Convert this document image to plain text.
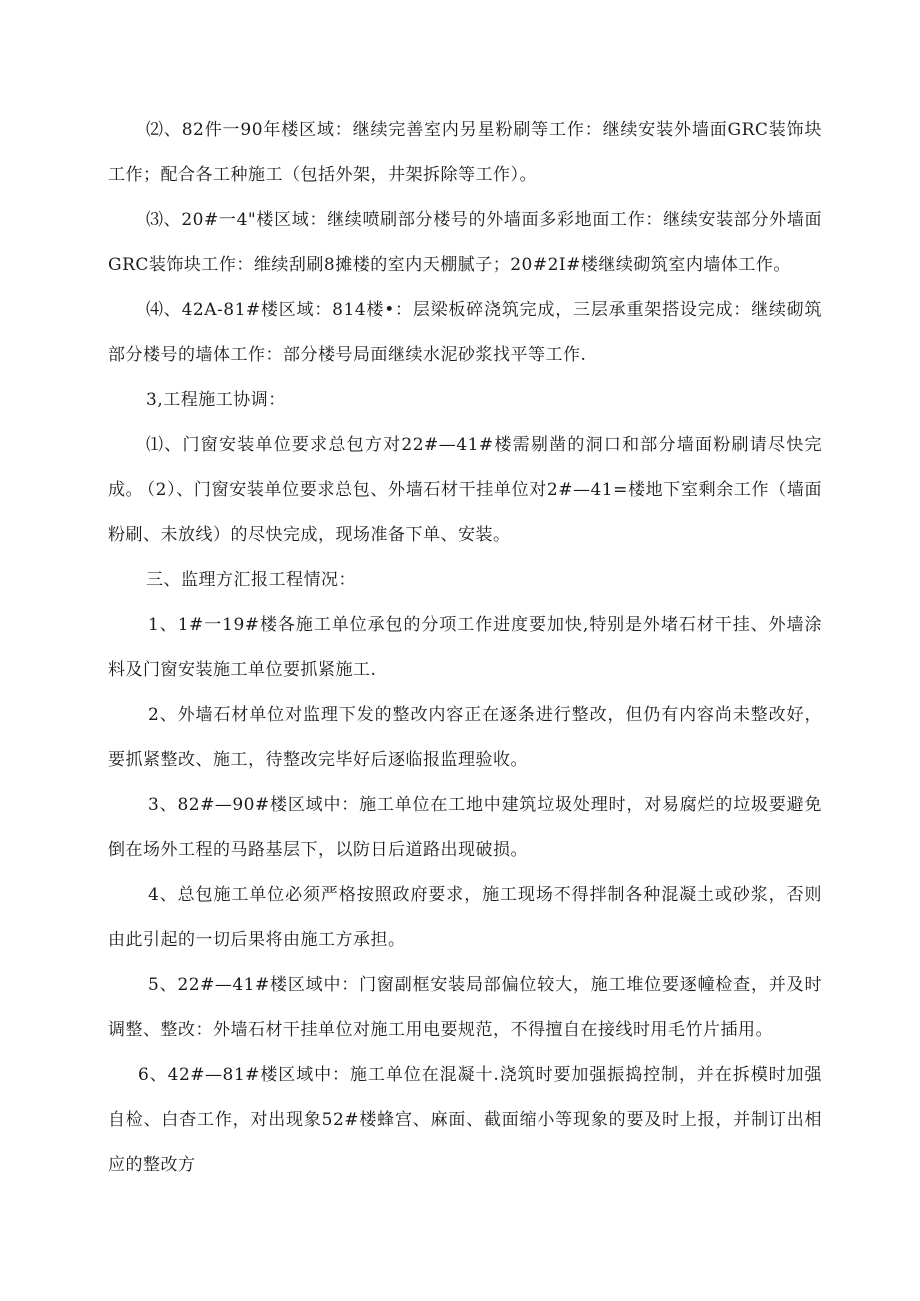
⑵、82件一90年楼区域：继续完善室内另星粉刷等工作：继续安装外墙面GRC装饰块工作；配合各工种施工（包括外架，井架拆除等工作）。

⑶、20#一4"楼区域：继续喷刷部分楼号的外墙面多彩地面工作：继续安装部分外墙面GRC装饰块工作：维续刮刷8摊楼的室内天棚腻子；20#2I#楼继续砌筑室内墙体工作。

⑷、42A-81#楼区域：814楼•：层梁板碎浇筑完成，三层承重架搭设完成：继续砌筑部分楼号的墙体工作：部分楼号局面继续水泥砂浆找平等工作.

3,工程施工协调：

⑴、门窗安装单位要求总包方对22#—41#楼需剔凿的洞口和部分墙面粉刷请尽快完成。

（2）、门窗安装单位要求总包、外墙石材干挂单位对2#—41=楼地下室剩余工作（墙面粉刷、未放线）的尽快完成，现场准备下单、安装。

三、监理方汇报工程情况：

1、1#一19#楼各施工单位承包的分项工作进度要加快,特别是外堵石材干挂、外墙涂料及门窗安装施工单位要抓紧施工.

2、外墙石材单位对监理下发的整改内容正在逐条进行整改，但仍有内容尚未整改好，要抓紧整改、施工，待整改完毕好后逐临报监理验收。

3、82#—90#楼区域中：施工单位在工地中建筑垃圾处理时，对易腐烂的垃圾要避免倒在场外工程的马路基层下，以防日后道路出现破损。

4、总包施工单位必须严格按照政府要求，施工现场不得拌制各种混凝土或砂浆，否则由此引起的一切后果将由施工方承担。

5、22#—41#楼区域中：门窗副框安装局部偏位较大，施工堆位要逐幢检查，并及时调整、整改：外墙石材干挂单位对施工用电要规范，不得擅自在接线时用毛竹片插用。

6、42#—81#楼区域中：施工单位在混凝十.浇筑时要加强振捣控制，并在拆模时加强自检、白杳工作，对出现象52#楼蜂宫、麻面、截面缩小等现象的要及时上报，并制订出相应的整改方
